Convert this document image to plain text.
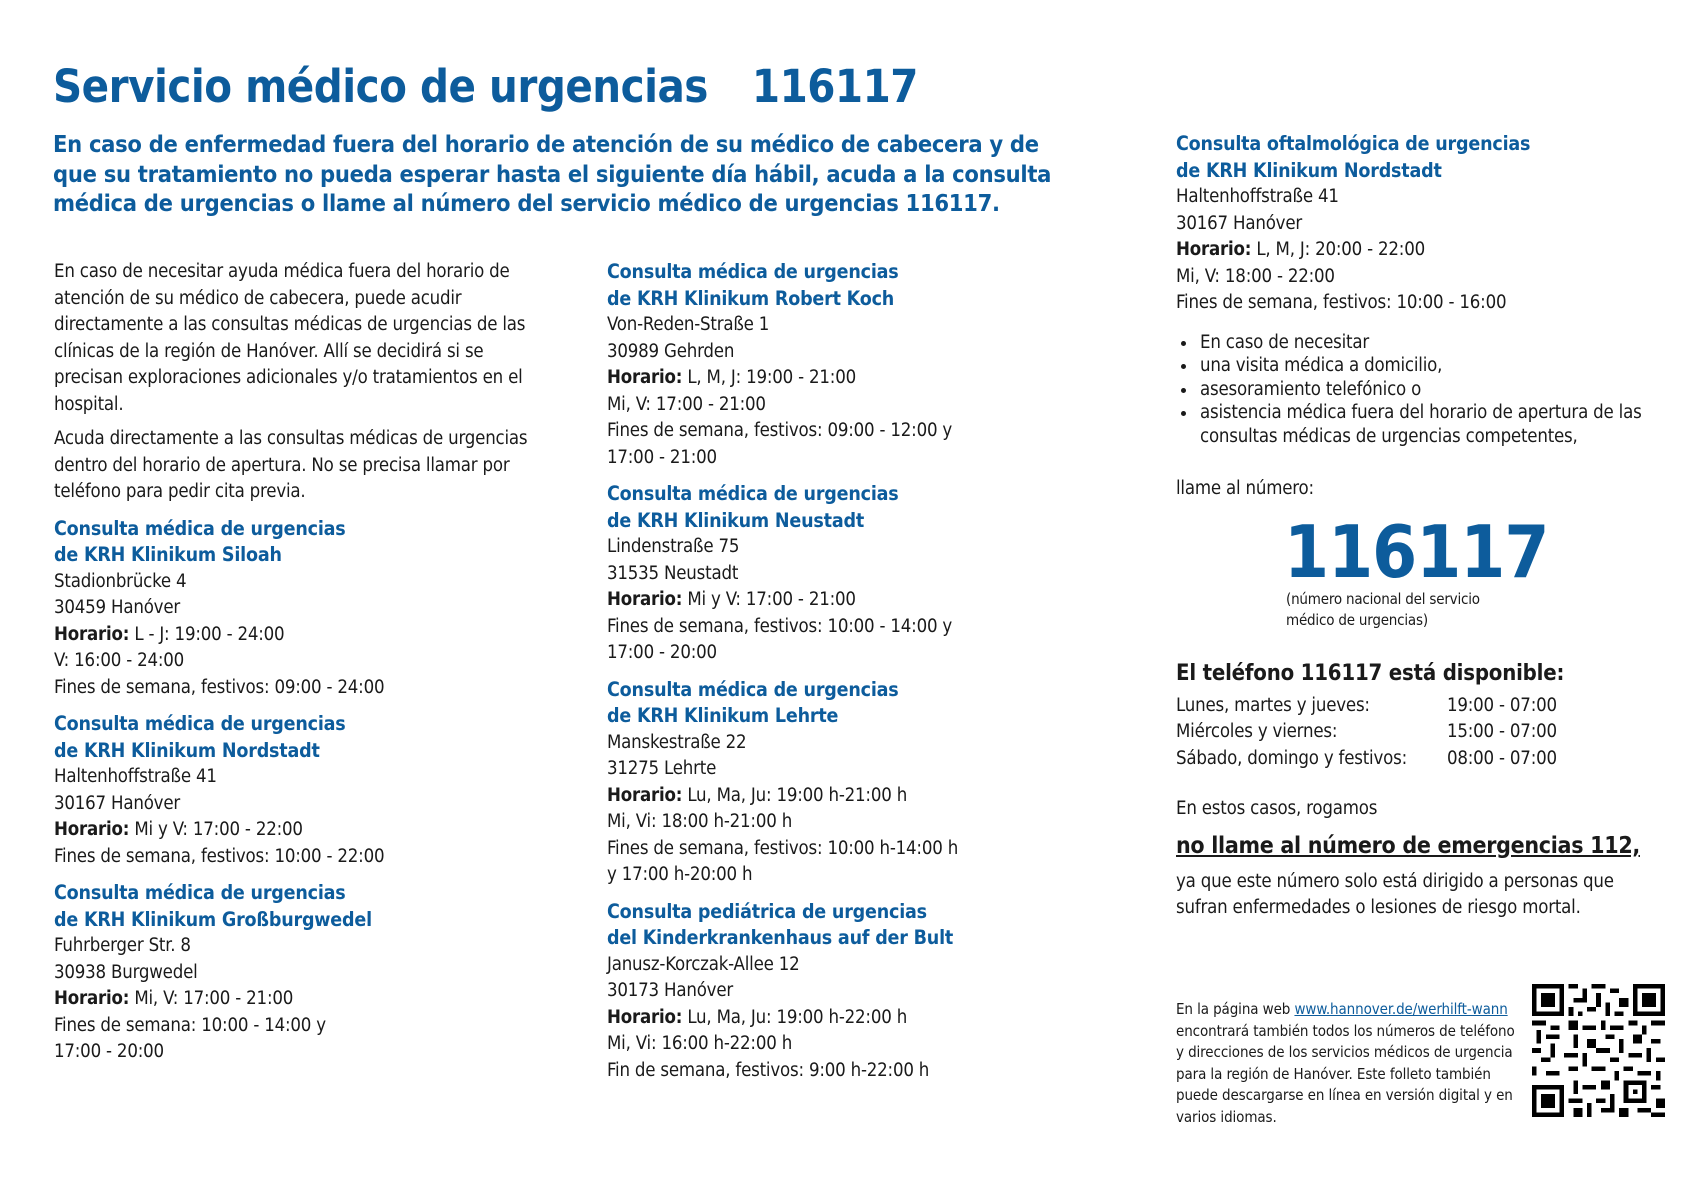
Servicio médico de urgencias 116117

En caso de enfermedad fuera del horario de atención de su médico de cabecera y de que su tratamiento no pueda esperar hasta el siguiente día hábil, acuda a la consulta médica de urgencias o llame al número del servicio médico de urgencias 116117.

En caso de necesitar ayuda médica fuera del horario de atención de su médico de cabecera, puede acudir directamente a las consultas médicas de urgencias de las clínicas de la región de Hanóver. Allí se decidirá si se precisan exploraciones adicionales y/o tratamientos en el hospital.

Acuda directamente a las consultas médicas de urgencias dentro del horario de apertura. No se precisa llamar por teléfono para pedir cita previa.

Consulta médica de urgencias

de KRH Klinikum Siloah

Stadionbrücke 4

30459 Hanóver

Horario: L - J: 19:00 - 24:00

V: 16:00 - 24:00

Fines de semana, festivos: 09:00 - 24:00

Consulta médica de urgencias

de KRH Klinikum Nordstadt

Haltenhoffstraße 41

30167 Hanóver

Horario: Mi y V: 17:00 - 22:00

Fines de semana, festivos: 10:00 - 22:00

Consulta médica de urgencias

de KRH Klinikum Großburgwedel

Fuhrberger Str. 8

30938 Burgwedel

Horario: Mi, V: 17:00 - 21:00

Fines de semana: 10:00 - 14:00 y

17:00 - 20:00

Consulta médica de urgencias

de KRH Klinikum Robert Koch

Von-Reden-Straße 1

30989 Gehrden

Horario: L, M, J: 19:00 - 21:00

Mi, V: 17:00 - 21:00

Fines de semana, festivos: 09:00 - 12:00 y

17:00 - 21:00

Consulta médica de urgencias

de KRH Klinikum Neustadt

Lindenstraße 75

31535 Neustadt

Horario: Mi y V: 17:00 - 21:00

Fines de semana, festivos: 10:00 - 14:00 y

17:00 - 20:00

Consulta médica de urgencias

de KRH Klinikum Lehrte

Manskestraße 22

31275 Lehrte

Horario: Lu, Ma, Ju: 19:00 h-21:00 h

Mi, Vi: 18:00 h-21:00 h

Fines de semana, festivos: 10:00 h-14:00 h

y 17:00 h-20:00 h

Consulta pediátrica de urgencias

del Kinderkrankenhaus auf der Bult

Janusz-Korczak-Allee 12

30173 Hanóver

Horario: Lu, Ma, Ju: 19:00 h-22:00 h

Mi, Vi: 16:00 h-22:00 h

Fin de semana, festivos: 9:00 h-22:00 h

Consulta oftalmológica de urgencias

de KRH Klinikum Nordstadt

Haltenhoffstraße 41

30167 Hanóver

Horario: L, M, J: 20:00 - 22:00

Mi, V: 18:00 - 22:00

Fines de semana, festivos: 10:00 - 16:00

• En caso de necesitar
• una visita médica a domicilio,
• asesoramiento telefónico o
• asistencia médica fuera del horario de apertura de las consultas médicas de urgencias competentes,

llame al número:

116117

(número nacional del servicio médico de urgencias)

El teléfono 116117 está disponible:

Lunes, martes y jueves:	19:00 - 07:00
Miércoles y viernes:	15:00 - 07:00
Sábado, domingo y festivos:	08:00 - 07:00

En estos casos, rogamos

no llame al número de emergencias 112,

ya que este número solo está dirigido a personas que sufran enfermedades o lesiones de riesgo mortal.

En la página web www.hannover.de/werhilft-wann encontrará también todos los números de teléfono y direcciones de los servicios médicos de urgencia para la región de Hanóver. Este folleto también puede descargarse en línea en versión digital y en varios idiomas.
